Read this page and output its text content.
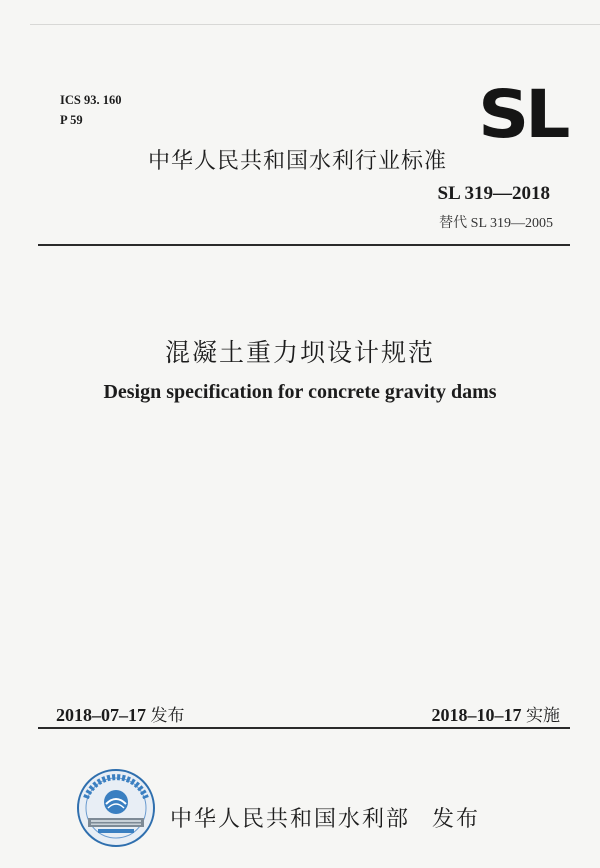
ICS 93. 160
P 59	SL
中华人民共和国水利行业标准
SL 319—2018
替代 SL 319—2005
混凝土重力坝设计规范
Design specification for concrete gravity dams
2018–07–17 发布	2018–10–17 实施
中华人民共和国水利部 发布
